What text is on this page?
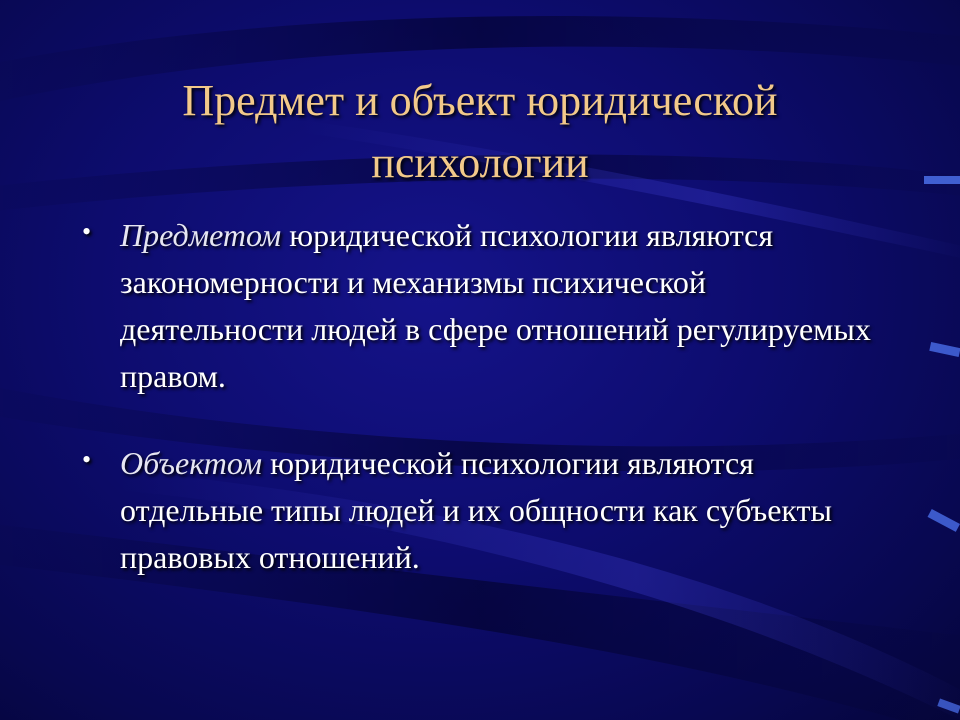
Предмет и объект юридической
психологии
• Предметом юридической психологии являются закономерности и механизмы психической деятельности людей в сфере отношений регулируемых правом.
• Объектом юридической психологии являются отдельные типы людей и их общности как субъекты правовых отношений.
